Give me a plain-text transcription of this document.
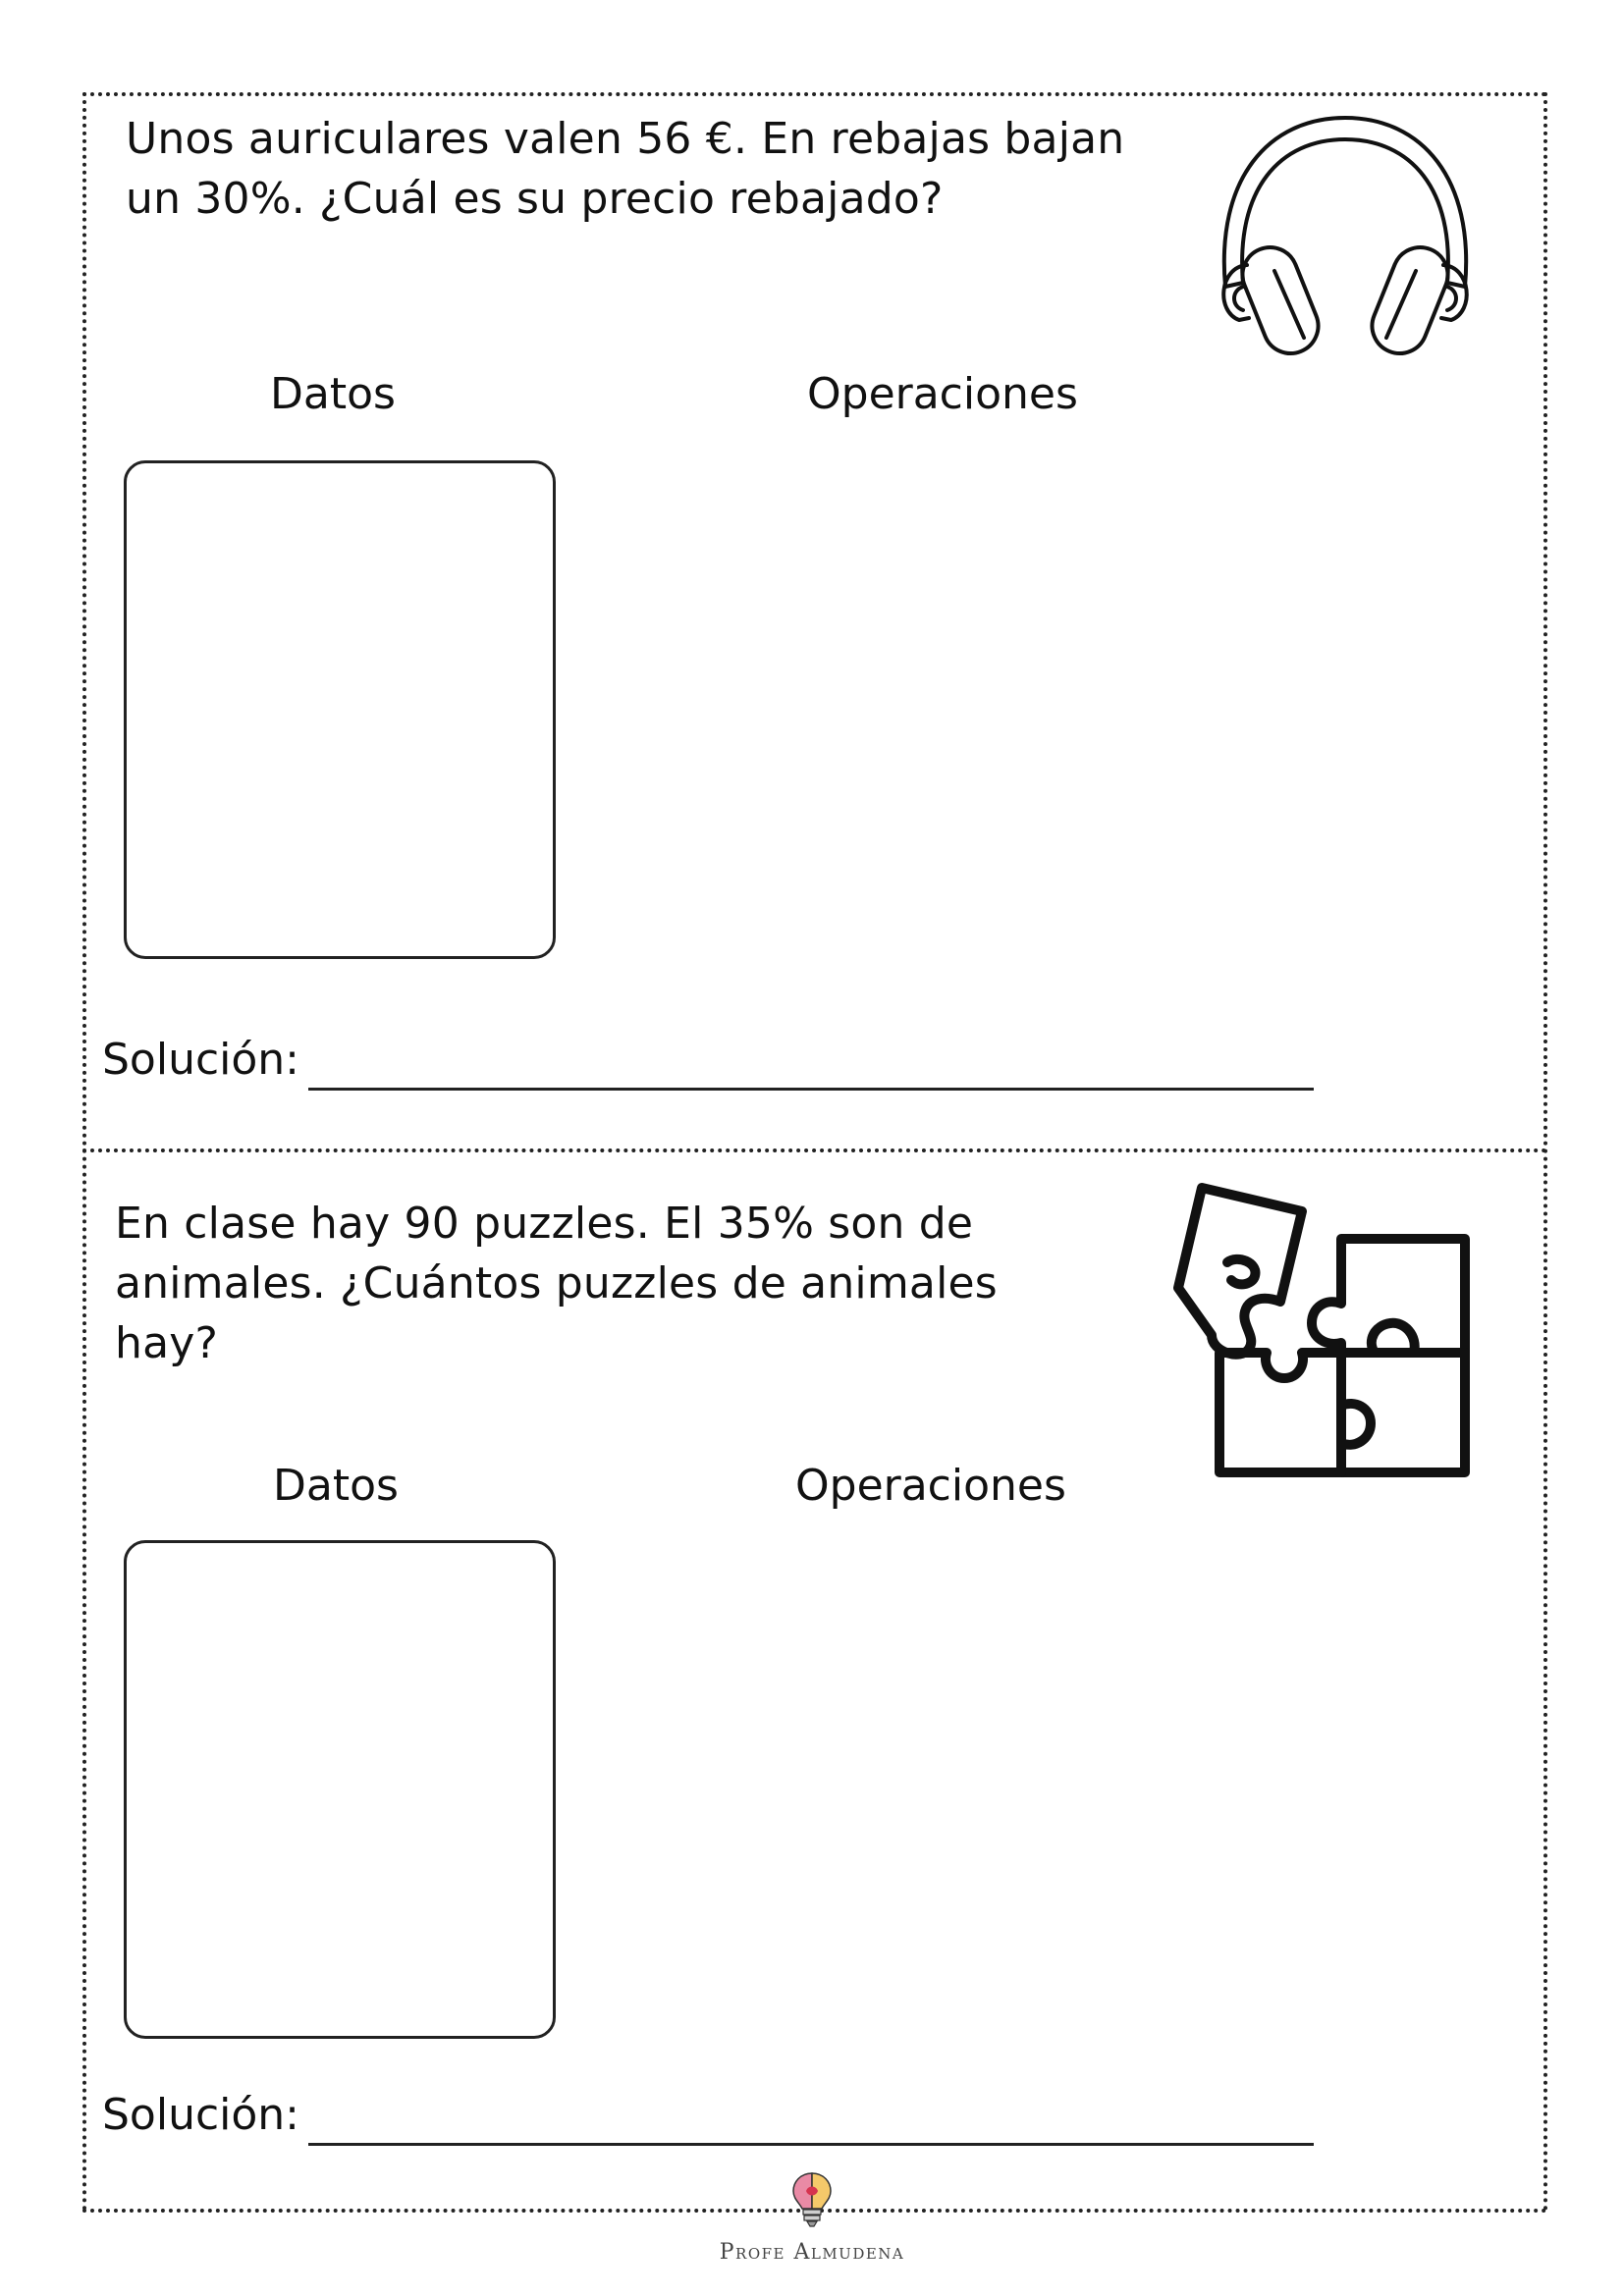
Unos auriculares valen 56 €. En rebajas bajan
un 30%. ¿Cuál es su precio rebajado?
Datos	Operaciones
Solución:
En clase hay 90 puzzles. El 35% son de
animales. ¿Cuántos puzzles de animales
hay?
Datos	Operaciones
Solución:
Profe Almudena
